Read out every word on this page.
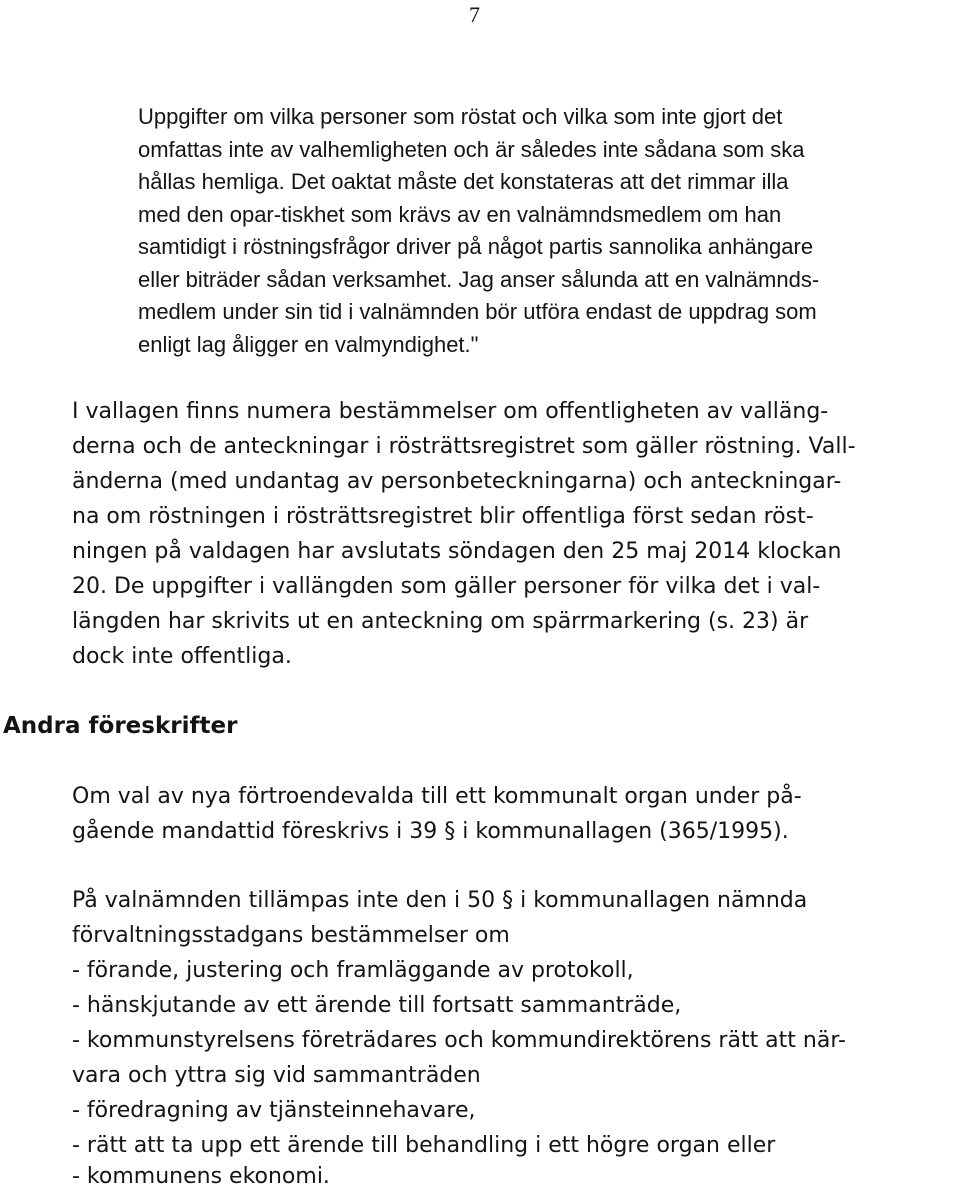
7

Uppgifter om vilka personer som röstat och vilka som inte gjort det

omfattas inte av valhemligheten och är således inte sådana som ska

hållas hemliga. Det oaktat måste det konstateras att det rimmar illa

med den opar-tiskhet som krävs av en valnämndsmedlem om han

samtidigt i röstningsfrågor driver på något partis sannolika anhängare

eller biträder sådan verksamhet. Jag anser sålunda att en valnämnds-

medlem under sin tid i valnämnden bör utföra endast de uppdrag som

enligt lag åligger en valmyndighet."

I vallagen finns numera bestämmelser om offentligheten av valläng-

derna och de anteckningar i rösträttsregistret som gäller röstning. Vall-

änderna (med undantag av personbeteckningarna) och anteckningar-

na om röstningen i rösträttsregistret blir offentliga först sedan röst-

ningen på valdagen har avslutats söndagen den 25 maj 2014 klockan

20. De uppgifter i vallängden som gäller personer för vilka det i val-

längden har skrivits ut en anteckning om spärrmarkering (s. 23) är

dock inte offentliga.

Andra föreskrifter

Om val av nya förtroendevalda till ett kommunalt organ under på-

gående mandattid föreskrivs i 39 § i kommunallagen (365/1995).

På valnämnden tillämpas inte den i 50 § i kommunallagen nämnda

förvaltningsstadgans bestämmelser om

- förande, justering och framläggande av protokoll,

- hänskjutande av ett ärende till fortsatt sammanträde,

- kommunstyrelsens företrädares och kommundirektörens rätt att när-

vara och yttra sig vid sammanträden

- föredragning av tjänsteinnehavare,

- rätt att ta upp ett ärende till behandling i ett högre organ eller

- kommunens ekonomi.
